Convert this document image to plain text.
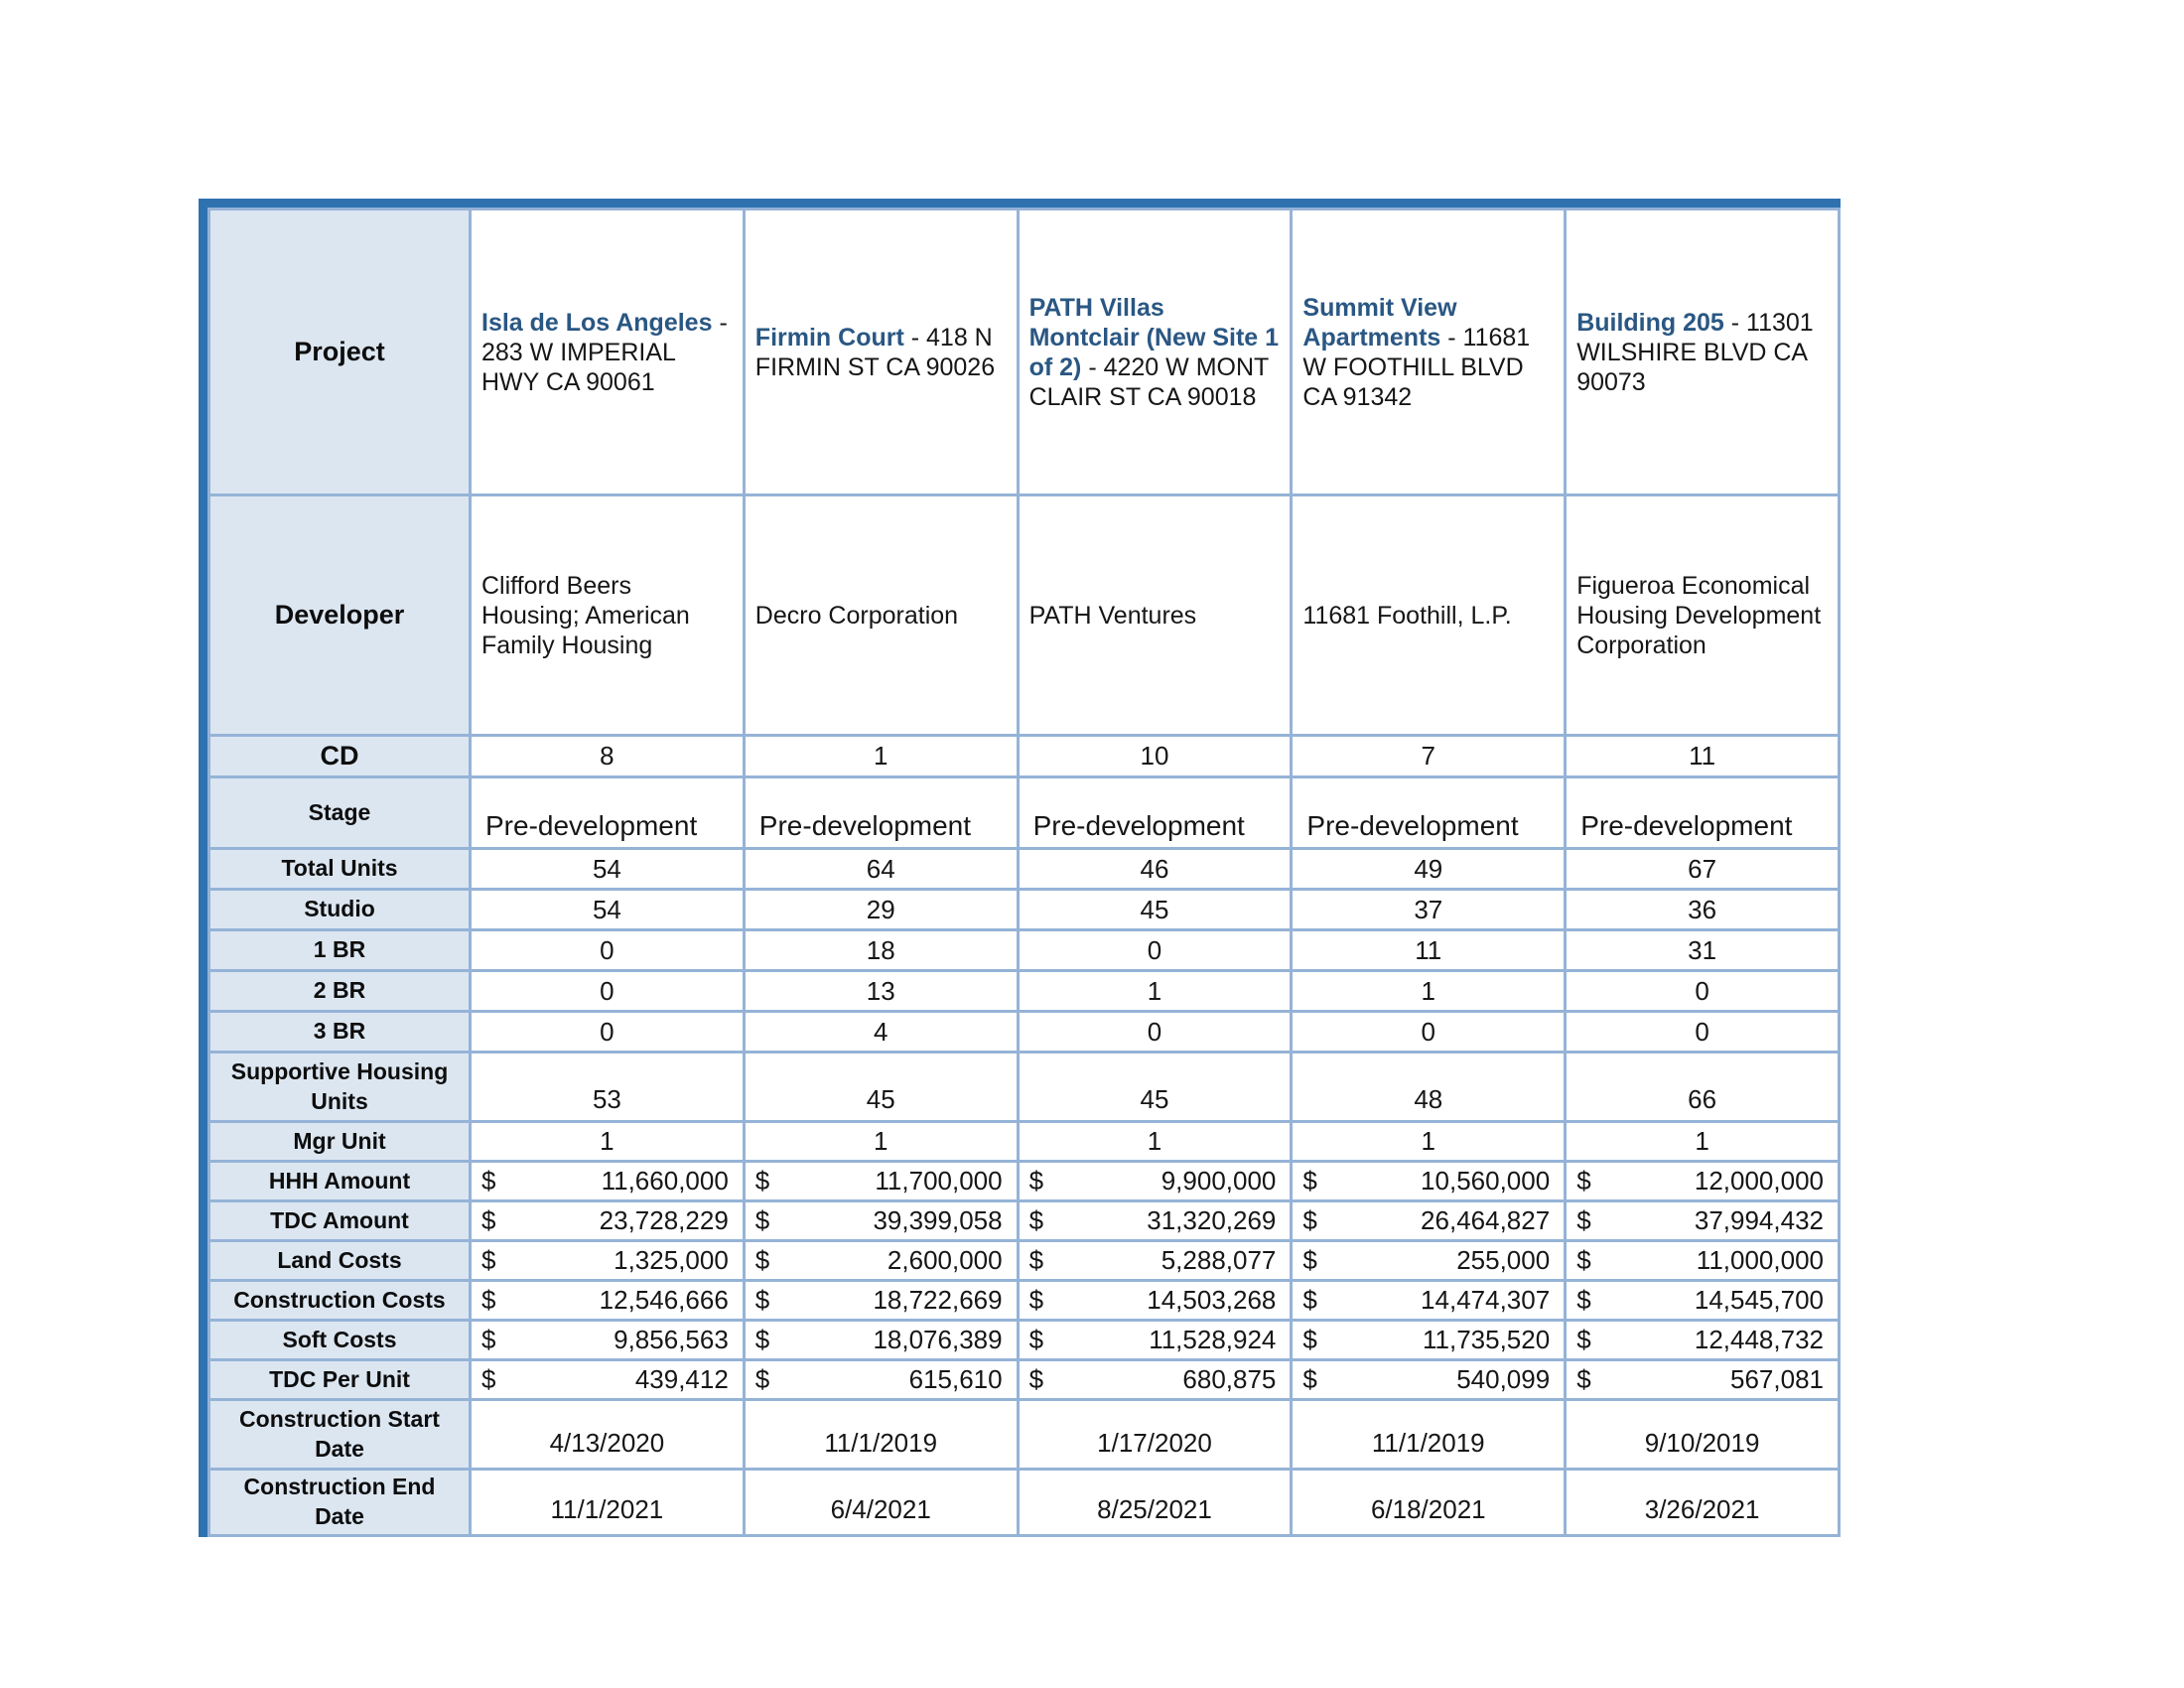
Project	Isla de Los Angeles - 283 W IMPERIAL HWY CA 90061	Firmin Court - 418 N FIRMIN ST CA 90026	PATH Villas Montclair (New Site 1 of 2) - 4220 W MONT CLAIR ST CA 90018	Summit View Apartments - 11681 W FOOTHILL BLVD CA 91342	Building 205 - 11301 WILSHIRE BLVD CA 90073
Developer	Clifford Beers Housing; American Family Housing	Decro Corporation	PATH Ventures	11681 Foothill, L.P.	Figueroa Economical Housing Development Corporation
CD	8	1	10	7	11
Stage	Pre-development	Pre-development	Pre-development	Pre-development	Pre-development
Total Units	54	64	46	49	67
Studio	54	29	45	37	36
1 BR	0	18	0	11	31
2 BR	0	13	1	1	0
3 BR	0	4	0	0	0
Supportive Housing Units	53	45	45	48	66
Mgr Unit	1	1	1	1	1
HHH Amount	$ 11,660,000	$ 11,700,000	$ 9,900,000	$ 10,560,000	$ 12,000,000

TDC Amount	$ 23,728,229	$ 39,399,058	$ 31,320,269	$ 26,464,827	$ 37,994,432

Land Costs	$ 1,325,000	$ 2,600,000	$ 5,288,077	$ 255,000	$ 11,000,000

Construction Costs	$ 12,546,666	$ 18,722,669	$ 14,503,268	$ 14,474,307	$ 14,545,700

Soft Costs	$ 9,856,563	$ 18,076,389	$ 11,528,924	$ 11,735,520	$ 12,448,732

TDC Per Unit	$ 439,412	$ 615,610	$ 680,875	$ 540,099	$ 567,081

Construction Start Date	4/13/2020	11/1/2019	1/17/2020	11/1/2019	9/10/2019
Construction End Date	11/1/2021	6/4/2021	8/25/2021	6/18/2021	3/26/2021
